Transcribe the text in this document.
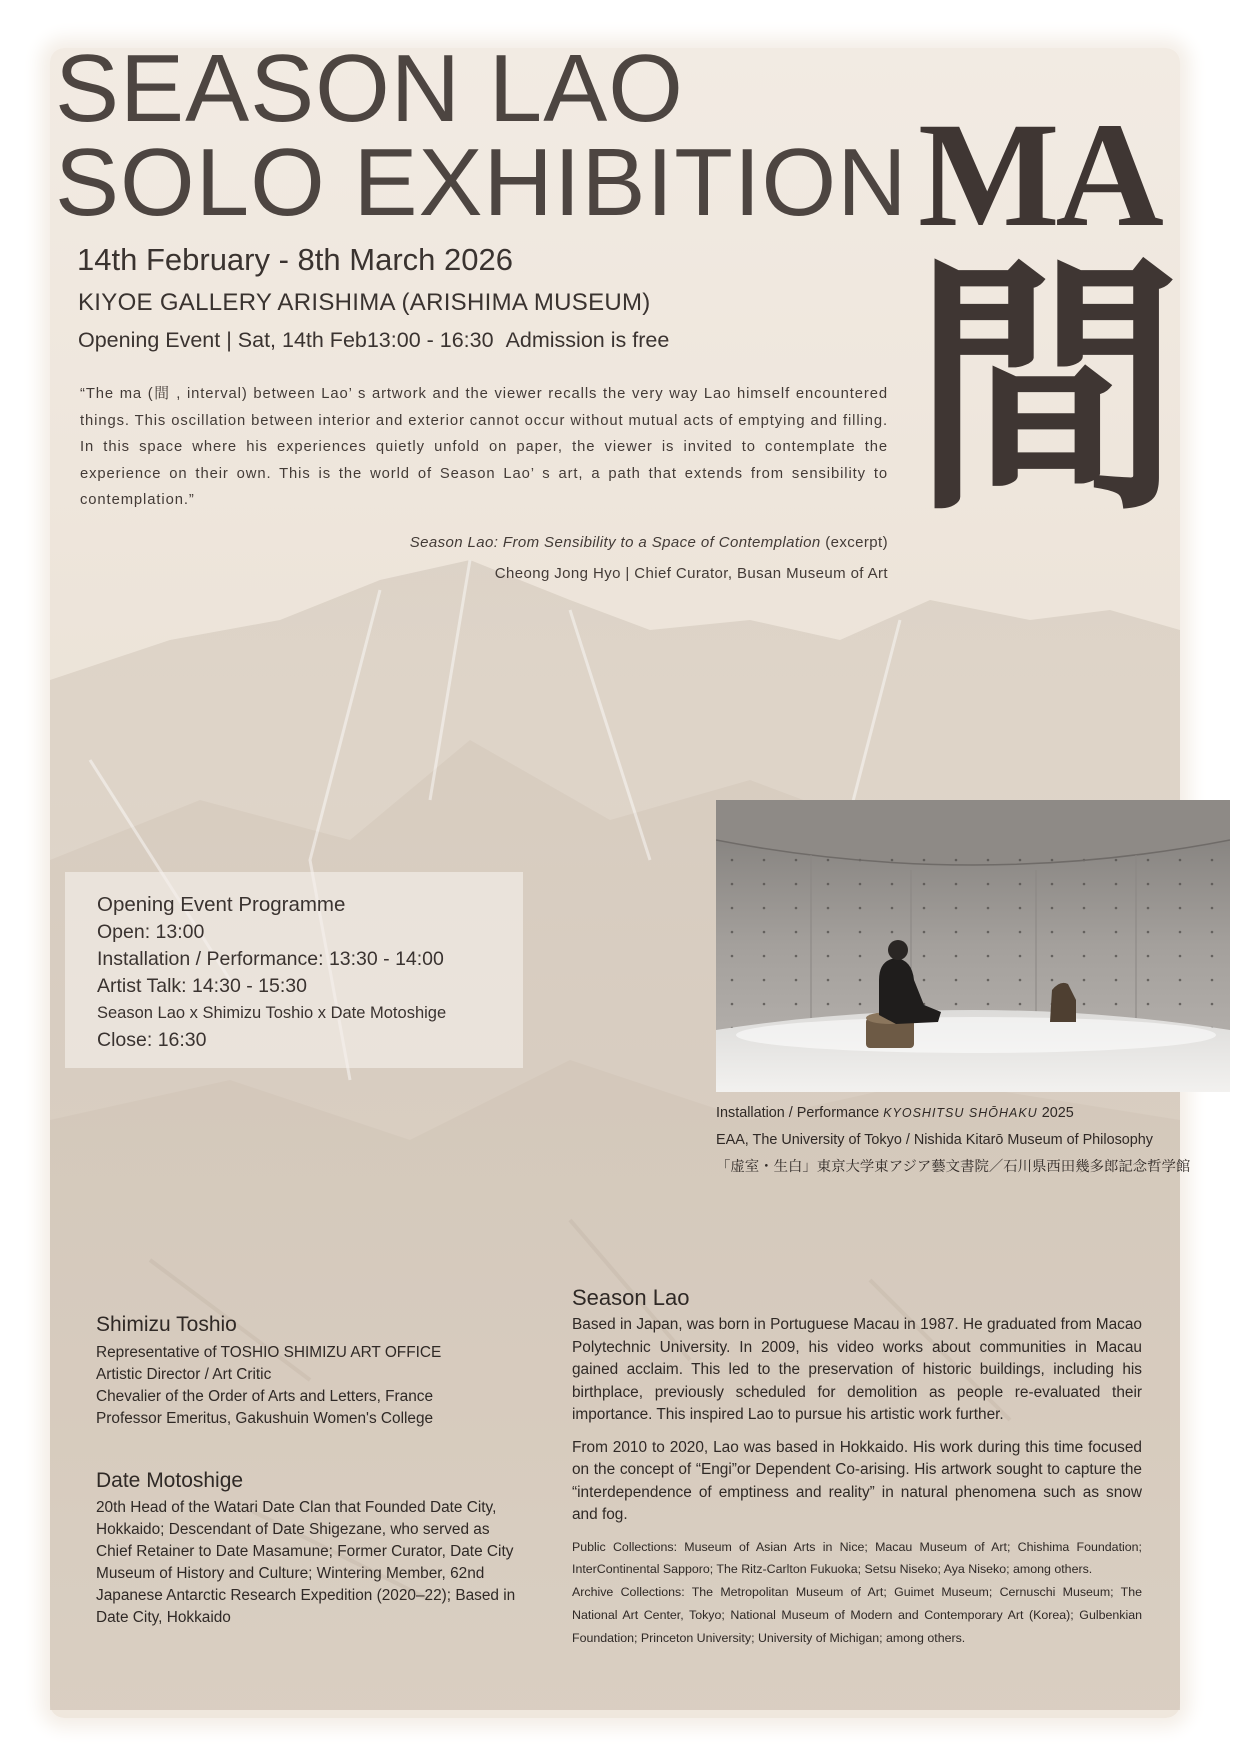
SEASON LAO
SOLO EXHIBITION MA
間
14th February - 8th March 2026
KIYOE GALLERY ARISHIMA (ARISHIMA MUSEUM)
Opening Event | Sat, 14th Feb13:00 - 16:30 Admission is free
“The ma (間 , interval) between Lao’ s artwork and the viewer recalls the very way Lao himself encountered things. This oscillation between interior and exterior cannot occur without mutual acts of emptying and filling. In this space where his experiences quietly unfold on paper, the viewer is invited to contemplate the experience on their own. This is the world of Season Lao’ s art, a path that extends from sensibility to contemplation.”
Season Lao: From Sensibility to a Space of Contemplation (excerpt)
Cheong Jong Hyo | Chief Curator, Busan Museum of Art
Opening Event Programme
Open: 13:00
Installation / Performance: 13:30 - 14:00
Artist Talk: 14:30 - 15:30
Season Lao x Shimizu Toshio x Date Motoshige
Close: 16:30
Installation / Performance KYOSHITSU SHŌHAKU 2025
EAA, The University of Tokyo / Nishida Kitarō Museum of Philosophy
「虚室・生白」東京大学東アジア藝文書院／石川県西田幾多郎記念哲学館
Shimizu Toshio
Representative of TOSHIO SHIMIZU ART OFFICE
Artistic Director / Art Critic
Chevalier of the Order of Arts and Letters, France
Professor Emeritus, Gakushuin Women's College
Date Motoshige
20th Head of the Watari Date Clan that Founded Date City, Hokkaido; Descendant of Date Shigezane, who served as Chief Retainer to Date Masamune; Former Curator, Date City Museum of History and Culture; Wintering Member, 62nd Japanese Antarctic Research Expedition (2020–22); Based in Date City, Hokkaido
Season Lao
Based in Japan, was born in Portuguese Macau in 1987. He graduated from Macao Polytechnic University. In 2009, his video works about communities in Macau gained acclaim. This led to the preservation of historic buildings, including his birthplace, previously scheduled for demolition as people re-evaluated their importance. This inspired Lao to pursue his artistic work further.
From 2010 to 2020, Lao was based in Hokkaido. His work during this time focused on the concept of “Engi”or Dependent Co-arising. His artwork sought to capture the “interdependence of emptiness and reality” in natural phenomena such as snow and fog.
Public Collections: Museum of Asian Arts in Nice; Macau Museum of Art; Chishima Foundation; InterContinental Sapporo; The Ritz-Carlton Fukuoka; Setsu Niseko; Aya Niseko; among others.
Archive Collections: The Metropolitan Museum of Art; Guimet Museum; Cernuschi Museum; The National Art Center, Tokyo; National Museum of Modern and Contemporary Art (Korea); Gulbenkian Foundation; Princeton University; University of Michigan; among others.
